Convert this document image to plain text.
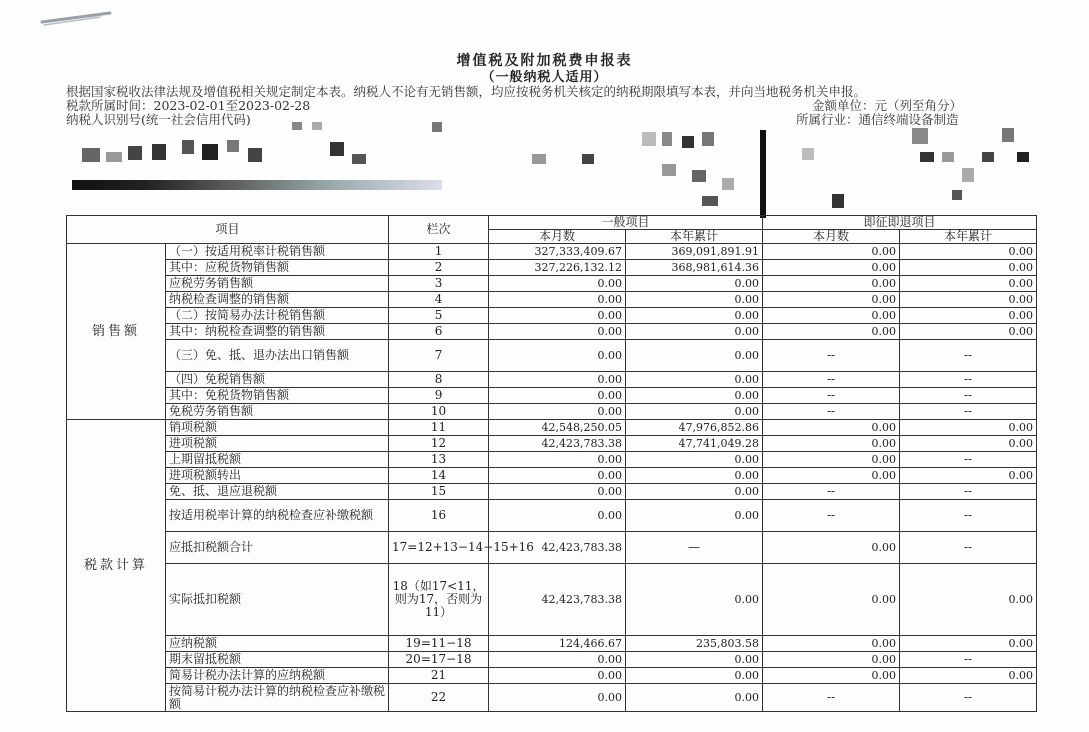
增值税及附加税费申报表
（一般纳税人适用）
根据国家税收法律法规及增值税相关规定制定本表。纳税人不论有无销售额，均应按税务机关核定的纳税期限填写本表，并向当地税务机关申报。
税款所属时间：2023-02-01至2023-02-28	金额单位：元（列至角分）
纳税人识别号(统一社会信用代码)	所属行业：通信终端设备制造
项目		栏次	一般项目		即征即退项目	
			本月数	本年累计	本月数	本年累计
销售额	（一）按适用税率计税销售额	1	327,333,409.67	369,091,891.91	0.00	0.00
	其中：应税货物销售额	2	327,226,132.12	368,981,614.36	0.00	0.00
	应税劳务销售额	3	0.00	0.00	0.00	0.00
	纳税检查调整的销售额	4	0.00	0.00	0.00	0.00
	（二）按简易办法计税销售额	5	0.00	0.00	0.00	0.00
	其中：纳税检查调整的销售额	6	0.00	0.00	0.00	0.00
	（三）免、抵、退办法出口销售额	7	0.00	0.00	--	--
	（四）免税销售额	8	0.00	0.00	--	--
	其中：免税货物销售额	9	0.00	0.00	--	--
	免税劳务销售额	10	0.00	0.00	--	--
税款计算	销项税额	11	42,548,250.05	47,976,852.86	0.00	0.00
	进项税额	12	42,423,783.38	47,741,049.28	0.00	0.00
	上期留抵税额	13	0.00	0.00	0.00	--
	进项税额转出	14	0.00	0.00	0.00	0.00
	免、抵、退应退税额	15	0.00	0.00	--	--
	按适用税率计算的纳税检查应补缴税额	16	0.00	0.00	--	--
	应抵扣税额合计	17=12+13−14−15+16	42,423,783.38	—	0.00	--
	实际抵扣税额	18（如17<11，则为17，否则为11）	42,423,783.38	0.00	0.00	0.00
	应纳税额	19=11−18	124,466.67	235,803.58	0.00	0.00
	期末留抵税额	20=17−18	0.00	0.00	0.00	--
	简易计税办法计算的应纳税额	21	0.00	0.00	0.00	0.00
	按简易计税办法计算的纳税检查应补缴税额	22	0.00	0.00	--	--
